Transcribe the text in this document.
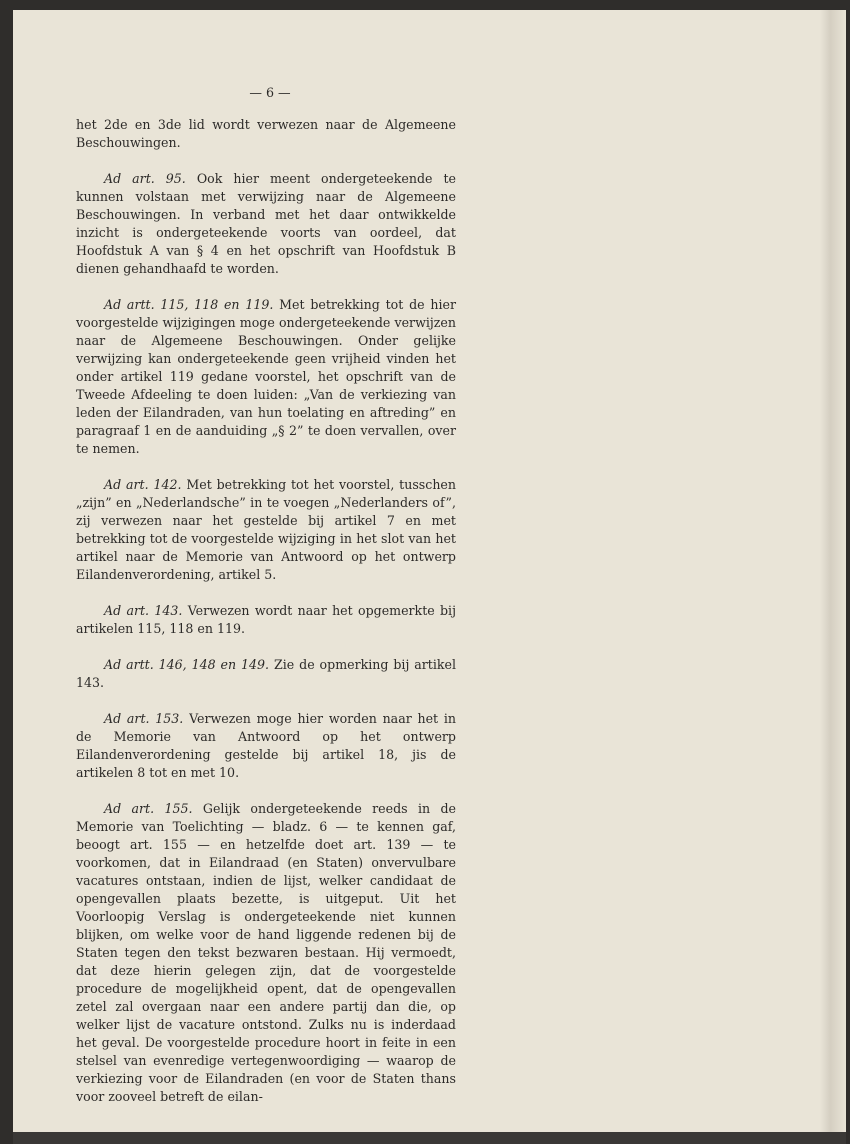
— 6 —

het 2de en 3de lid wordt verwezen naar de Algemeene Beschouwingen.

Ad art. 95. Ook hier meent ondergeteekende te kunnen volstaan met verwijzing naar de Algemeene Beschouwingen. In verband met het daar ontwikkelde inzicht is ondergeteekende voorts van oordeel, dat Hoofdstuk A van § 4 en het opschrift van Hoofdstuk B dienen gehandhaafd te worden.

Ad artt. 115, 118 en 119. Met betrekking tot de hier voorgestelde wijzigingen moge ondergeteekende verwijzen naar de Algemeene Beschouwingen. Onder gelijke verwijzing kan ondergeteekende geen vrijheid vinden het onder artikel 119 gedane voorstel, het opschrift van de Tweede Afdeeling te doen luiden: „Van de verkiezing van leden der Eilandraden, van hun toelating en aftreding” en paragraaf 1 en de aanduiding „§ 2” te doen vervallen, over te nemen.

Ad art. 142. Met betrekking tot het voorstel, tusschen „zijn” en „Nederlandsche” in te voegen „Nederlanders of”, zij verwezen naar het gestelde bij artikel 7 en met betrekking tot de voorgestelde wijziging in het slot van het artikel naar de Memorie van Antwoord op het ontwerp Eilandenverordening, artikel 5.

Ad art. 143. Verwezen wordt naar het opgemerkte bij artikelen 115, 118 en 119.

Ad artt. 146, 148 en 149. Zie de opmerking bij artikel 143.

Ad art. 153. Verwezen moge hier worden naar het in de Memorie van Antwoord op het ontwerp Eilandenverordening gestelde bij artikel 18, jis de artikelen 8 tot en met 10.

Ad art. 155. Gelijk ondergeteekende reeds in de Memorie van Toelichting — bladz. 6 — te kennen gaf, beoogt art. 155 — en hetzelfde doet art. 139 — te voorkomen, dat in Eilandraad (en Staten) onvervulbare vacatures ontstaan, indien de lijst, welker candidaat de opengevallen plaats bezette, is uitgeput. Uit het Voorloopig Verslag is ondergeteekende niet kunnen blijken, om welke voor de hand liggende redenen bij de Staten tegen den tekst bezwaren bestaan. Hij vermoedt, dat deze hierin gelegen zijn, dat de voorgestelde procedure de mogelijkheid opent, dat de opengevallen zetel zal overgaan naar een andere partij dan die, op welker lijst de vacature ontstond. Zulks nu is inderdaad het geval. De voorgestelde procedure hoort in feite in een stelsel van evenredige vertegenwoordiging — waarop de verkiezing voor de Eilandraden (en voor de Staten thans voor zooveel betreft de eilan-
